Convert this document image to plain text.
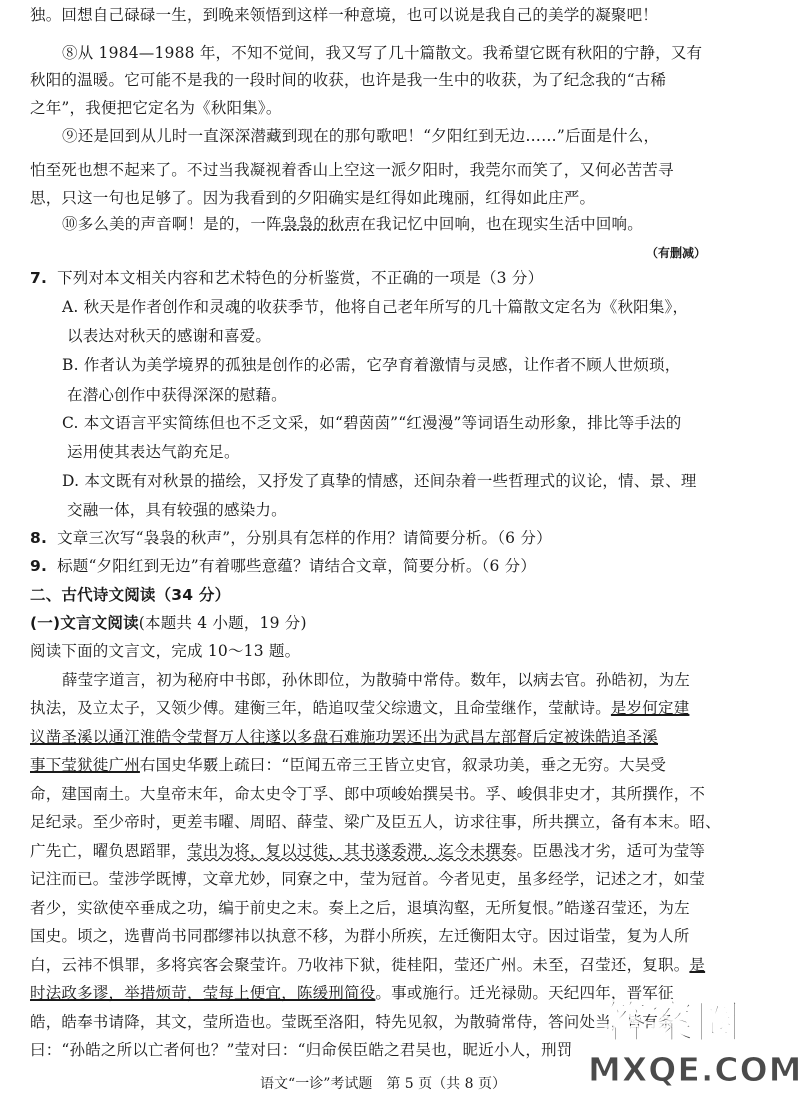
独。回想自己碌碌一生，到晚来领悟到这样一种意境，也可以说是我自己的美学的凝聚吧！
⑧从 1984—1988 年，不知不觉间，我又写了几十篇散文。我希望它既有秋阳的宁静，又有
秋阳的温暖。它可能不是我的一段时间的收获，也许是我一生中的收获，为了纪念我的“古稀
之年”，我便把它定名为《秋阳集》。
⑨还是回到从儿时一直深深潜藏到现在的那句歌吧！“夕阳红到无边……”后面是什么，
怕至死也想不起来了。不过当我凝视着香山上空这一派夕阳时，我莞尔而笑了，又何必苦苦寻
思，只这一句也足够了。因为我看到的夕阳确实是红得如此瑰丽，红得如此庄严。
⑩多么美的声音啊！是的，一阵袅袅的秋声在我记忆中回响，也在现实生活中回响。
（有删减）
7. 下列对本文相关内容和艺术特色的分析鉴赏，不正确的一项是（3 分）
A. 秋天是作者创作和灵魂的收获季节，他将自己老年所写的几十篇散文定名为《秋阳集》，
以表达对秋天的感谢和喜爱。
B. 作者认为美学境界的孤独是创作的必需，它孕育着激情与灵感，让作者不顾人世烦琐，
在潜心创作中获得深深的慰藉。
C. 本文语言平实简练但也不乏文采，如“碧茵茵”“红漫漫”等词语生动形象，排比等手法的
运用使其表达气韵充足。
D. 本文既有对秋景的描绘，又抒发了真挚的情感，还间杂着一些哲理式的议论，情、景、理
交融一体，具有较强的感染力。
8. 文章三次写“袅袅的秋声”，分别具有怎样的作用？请简要分析。（6 分）
9. 标题“夕阳红到无边”有着哪些意蕴？请结合文章，简要分析。（6 分）
二、古代诗文阅读（34 分）
(一)文言文阅读(本题共 4 小题，19 分)
阅读下面的文言文，完成 10～13 题。
薛莹字道言，初为秘府中书郎，孙休即位，为散骑中常侍。数年，以病去官。孙皓初，为左
执法，及立太子，又领少傅。建衡三年，皓追叹莹父综遗文，且命莹继作，莹献诗。是岁何定建
议凿圣溪以通江淮皓令莹督万人往遂以多盘石难施功罢还出为武昌左部督后定被诛皓追圣溪
事下莹狱徙广州右国史华覈上疏曰：“臣闻五帝三王皆立史官，叙录功美，垂之无穷。大吴受
命，建国南土。大皇帝末年，命太史令丁孚、郎中项峻始撰吴书。孚、峻俱非史才，其所撰作，不
足纪录。至少帝时，更差韦曜、周昭、薛莹、梁广及臣五人，访求往事，所共撰立，备有本末。昭、
广先亡，曜负恩蹈罪，莹出为将，复以过徙，其书遂委滞，迄今未撰奏。臣愚浅才劣，适可为莹等
记注而已。莹涉学既博，文章尤妙，同寮之中，莹为冠首。今者见吏，虽多经学，记述之才，如莹
者少，实欲使卒垂成之功，编于前史之末。奏上之后，退填沟壑，无所复恨。”皓遂召莹还，为左
国史。顷之，选曹尚书同郡缪祎以执意不移，为群小所疾，左迁衡阳太守。因过诣莹，复为人所
白，云祎不惧罪，多将宾客会聚莹许。乃收祎下狱，徙桂阳，莹还广州。未至，召莹还，复职。是
时法政多谬，举措烦苛，莹每上便宜，陈缓刑简役。事或施行。迁光禄勋。天纪四年，晋军征
皓，皓奉书请降，其文，莹所造也。莹既至洛阳，特先见叙，为散骑常侍，答问处当，皆有条
曰：“孙皓之所以亡者何也？”莹对曰：“归命侯臣皓之君吴也，昵近小人，刑罚
语文“一诊”考试题　第 5 页（共 8 页）
答案圈
MXQE.COM
